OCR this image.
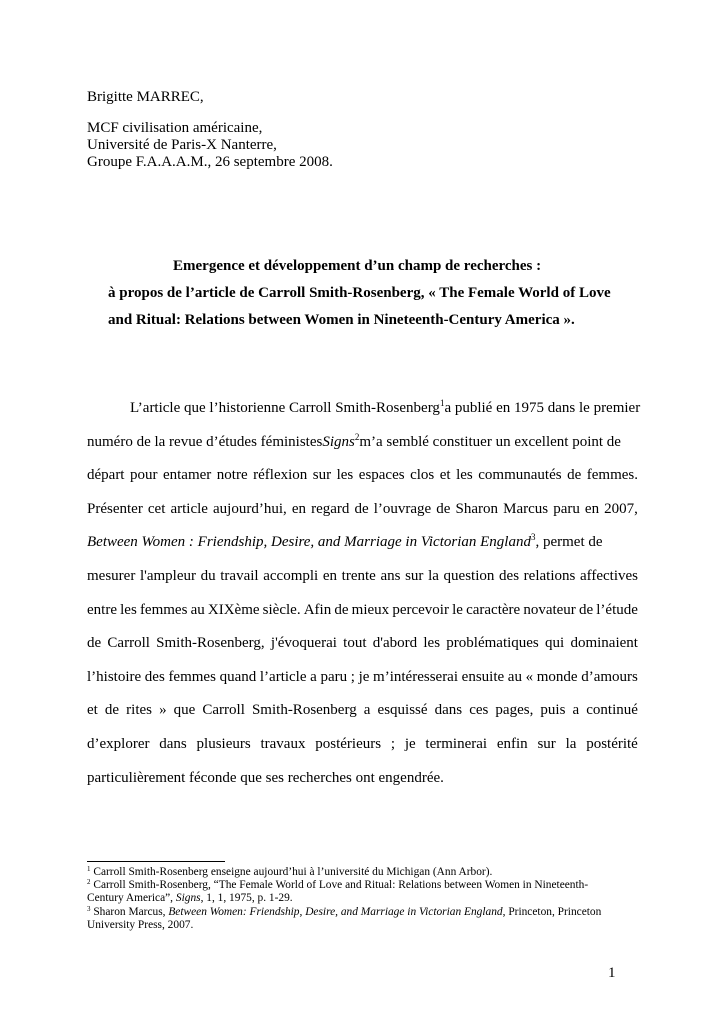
Brigitte MARREC,
MCF civilisation américaine,
Université de Paris-X Nanterre,
Groupe F.A.A.A.M., 26 septembre 2008.
Emergence et développement d’un champ de recherches :
à propos de l’article de Carroll Smith-Rosenberg, « The Female World of Love
and Ritual: Relations between Women in Nineteenth-Century America ».
L’article que l’historienne Carroll Smith-Rosenberg$^1$a publié en 1975 dans le premier
numéro de la revue d’études féministesSigns$^2$m’a semblé constituer un excellent point de
départ pour entamer notre réflexion sur les espaces clos et les communautés de femmes.
Présenter cet article aujourd’hui, en regard de l’ouvrage de Sharon Marcus paru en 2007,
Between Women : Friendship, Desire, and Marriage in Victorian England$^3$, permet de
mesurer l'ampleur du travail accompli en trente ans sur la question des relations affectives
entre les femmes au XIXème siècle. Afin de mieux percevoir le caractère novateur de l’étude
de Carroll Smith-Rosenberg, j'évoquerai tout d'abord les problématiques qui dominaient
l’histoire des femmes quand l’article a paru ; je m’intéresserai ensuite au « monde d’amours
et de rites » que Carroll Smith-Rosenberg a esquissé dans ces pages, puis a continué
d’explorer dans plusieurs travaux postérieurs ; je terminerai enfin sur la postérité
particulièrement féconde que ses recherches ont engendrée.
$^1$ Carroll Smith-Rosenberg enseigne aujourd’hui à l’université du Michigan (Ann Arbor).
$^2$ Carroll Smith-Rosenberg, “The Female World of Love and Ritual: Relations between Women in Nineteenth-
Century America”, Signs, 1, 1, 1975, p. 1-29.
$^3$ Sharon Marcus, Between Women: Friendship, Desire, and Marriage in Victorian England, Princeton, Princeton
University Press, 2007.
1
